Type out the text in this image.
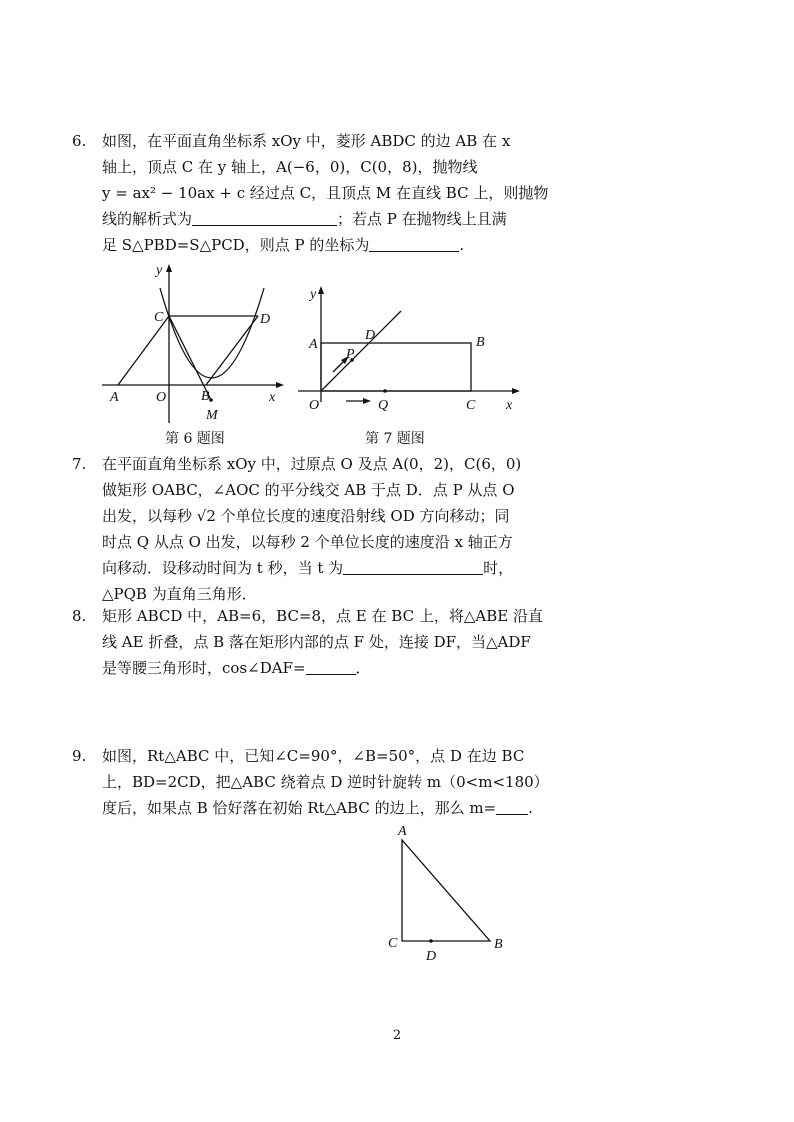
6.	如图，在平面直角坐标系 xOy 中，菱形 ABDC 的边 AB 在 x
轴上，顶点 C 在 y 轴上，A(−6，0)，C(0，8)，抛物线
y = ax² − 10ax + c 经过点 C，且顶点 M 在直线 BC 上，则抛物
线的解析式为	；若点 P 在抛物线上且满
足 S△PBD=S△PCD，则点 P 的坐标为	.
y
x
C	D
A	O B
M
第 6 题图
y
x
A	B
D
P
O	Q	C
第 7 题图
7.	在平面直角坐标系 xOy 中，过原点 O 及点 A(0，2)，C(6，0)
做矩形 OABC，∠AOC 的平分线交 AB 于点 D．点 P 从点 O
出发，以每秒 √2 个单位长度的速度沿射线 OD 方向移动；同
时点 Q 从点 O 出发，以每秒 2 个单位长度的速度沿 x 轴正方
向移动．设移动时间为 t 秒，当 t 为	时，
△PQB 为直角三角形．
8.	矩形 ABCD 中，AB=6，BC=8，点 E 在 BC 上，将△ABE 沿直
线 AE 折叠，点 B 落在矩形内部的点 F 处，连接 DF，当△ADF
是等腰三角形时，cos∠DAF=	．
9.	如图，Rt△ABC 中，已知∠C=90°，∠B=50°，点 D 在边 BC
上，BD=2CD，把△ABC 绕着点 D 逆时针旋转 m（0<m<180）
度后，如果点 B 恰好落在初始 Rt△ABC 的边上，那么 m= .
A
C	B
D
2
